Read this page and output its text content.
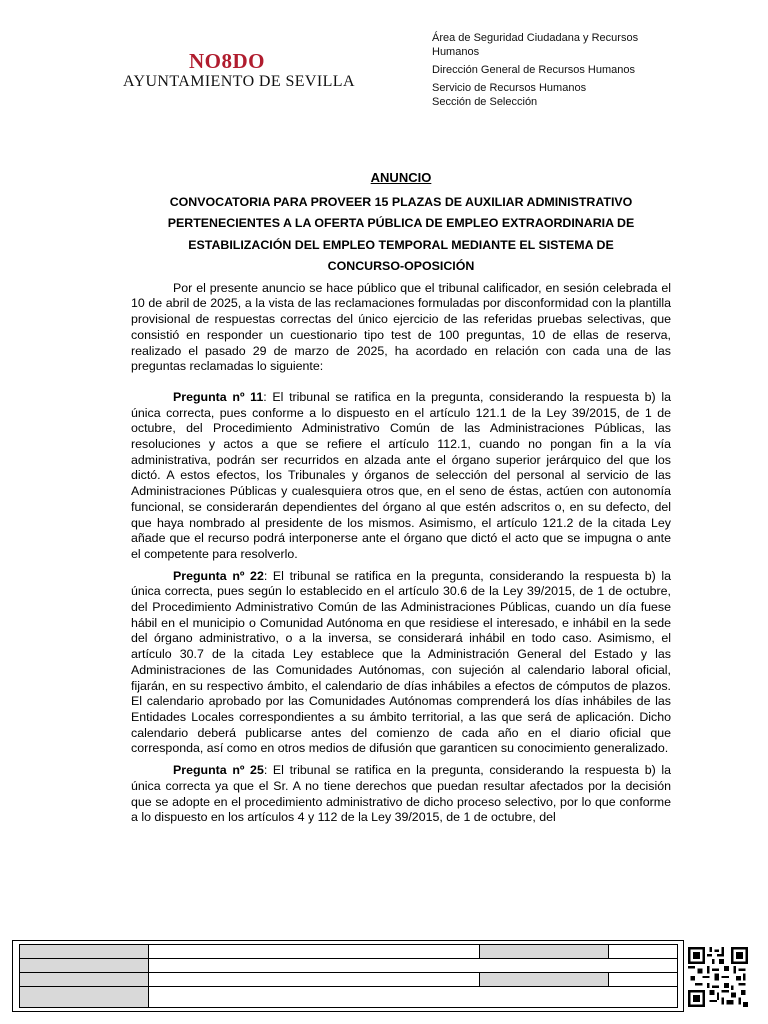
NO8DO
AYUNTAMIENTO DE SEVILLA
Área de Seguridad Ciudadana y Recursos
Humanos
Dirección General de Recursos Humanos
Servicio de Recursos Humanos
Sección de Selección
ANUNCIO
CONVOCATORIA PARA PROVEER 15 PLAZAS DE AUXILIAR ADMINISTRATIVO
PERTENECIENTES A LA OFERTA PÚBLICA DE EMPLEO EXTRAORDINARIA DE
ESTABILIZACIÓN DEL EMPLEO TEMPORAL MEDIANTE EL SISTEMA DE
CONCURSO-OPOSICIÓN

Por el presente anuncio se hace público que el tribunal calificador, en sesión celebrada el 10 de abril de 2025, a la vista de las reclamaciones formuladas por disconformidad con la plantilla provisional de respuestas correctas del único ejercicio de las referidas pruebas selectivas, que consistió en responder un cuestionario tipo test de 100 preguntas, 10 de ellas de reserva, realizado el pasado 29 de marzo de 2025, ha acordado en relación con cada una de las preguntas reclamadas lo siguiente:

Pregunta nº 11: El tribunal se ratifica en la pregunta, considerando la respuesta b) la única correcta, pues conforme a lo dispuesto en el artículo 121.1 de la Ley 39/2015, de 1 de octubre, del Procedimiento Administrativo Común de las Administraciones Públicas, las resoluciones y actos a que se refiere el artículo 112.1, cuando no pongan fin a la vía administrativa, podrán ser recurridos en alzada ante el órgano superior jerárquico del que los dictó. A estos efectos, los Tribunales y órganos de selección del personal al servicio de las Administraciones Públicas y cualesquiera otros que, en el seno de éstas, actúen con autonomía funcional, se considerarán dependientes del órgano al que estén adscritos o, en su defecto, del que haya nombrado al presidente de los mismos. Asimismo, el artículo 121.2 de la citada Ley añade que el recurso podrá interponerse ante el órgano que dictó el acto que se impugna o ante el competente para resolverlo.

Pregunta nº 22: El tribunal se ratifica en la pregunta, considerando la respuesta b) la única correcta, pues según lo establecido en el artículo 30.6 de la Ley 39/2015, de 1 de octubre, del Procedimiento Administrativo Común de las Administraciones Públicas, cuando un día fuese hábil en el municipio o Comunidad Autónoma en que residiese el interesado, e inhábil en la sede del órgano administrativo, o a la inversa, se considerará inhábil en todo caso. Asimismo, el artículo 30.7 de la citada Ley establece que la Administración General del Estado y las Administraciones de las Comunidades Autónomas, con sujeción al calendario laboral oficial, fijarán, en su respectivo ámbito, el calendario de días inhábiles a efectos de cómputos de plazos. El calendario aprobado por las Comunidades Autónomas comprenderá los días inhábiles de las Entidades Locales correspondientes a su ámbito territorial, a las que será de aplicación. Dicho calendario deberá publicarse antes del comienzo de cada año en el diario oficial que corresponda, así como en otros medios de difusión que garanticen su conocimiento generalizado.

Pregunta nº 25: El tribunal se ratifica en la pregunta, considerando la respuesta b) la única correcta ya que el Sr. A no tiene derechos que puedan resultar afectados por la decisión que se adopte en el procedimiento administrativo de dicho proceso selectivo, por lo que conforme a lo dispuesto en los artículos 4 y 112 de la Ley 39/2015, de 1 de octubre, del
